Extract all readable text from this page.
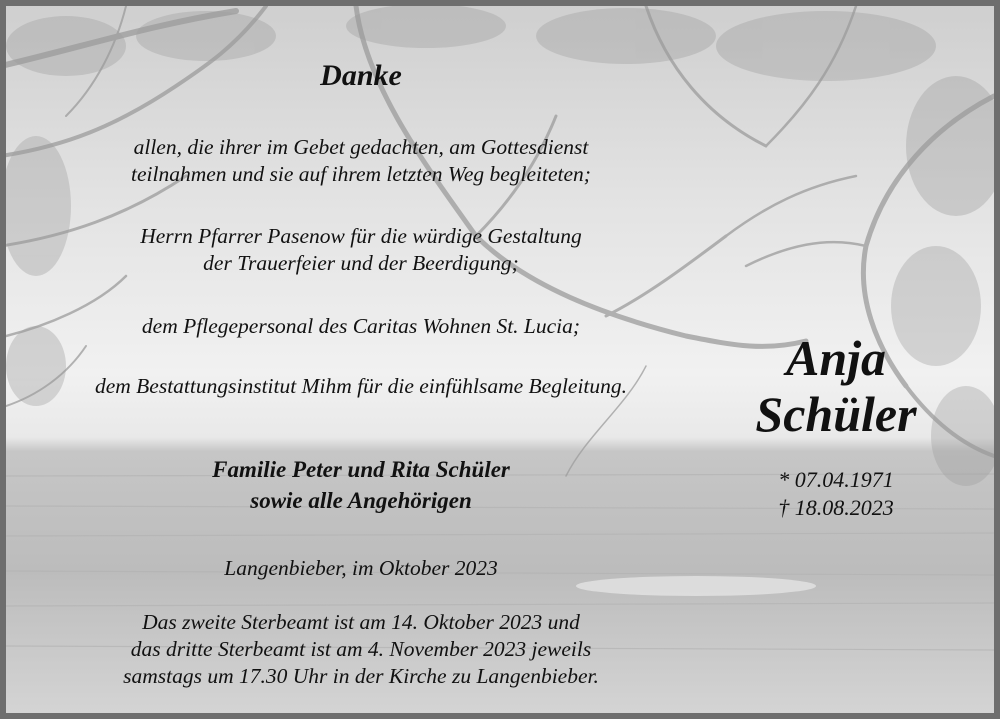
Danke
allen, die ihrer im Gebet gedachten, am Gottesdienst
teilnahmen und sie auf ihrem letzten Weg begleiteten;
Herrn Pfarrer Pasenow für die würdige Gestaltung
der Trauerfeier und der Beerdigung;
dem Pflegepersonal des Caritas Wohnen St. Lucia;
dem Bestattungsinstitut Mihm für die einfühlsame Begleitung.
Familie Peter und Rita Schüler
sowie alle Angehörigen
Langenbieber, im Oktober 2023
Das zweite Sterbeamt ist am 14. Oktober 2023 und
das dritte Sterbeamt ist am 4. November 2023 jeweils
samstags um 17.30 Uhr in der Kirche zu Langenbieber.
Anja
Schüler
* 07.04.1971
† 18.08.2023
